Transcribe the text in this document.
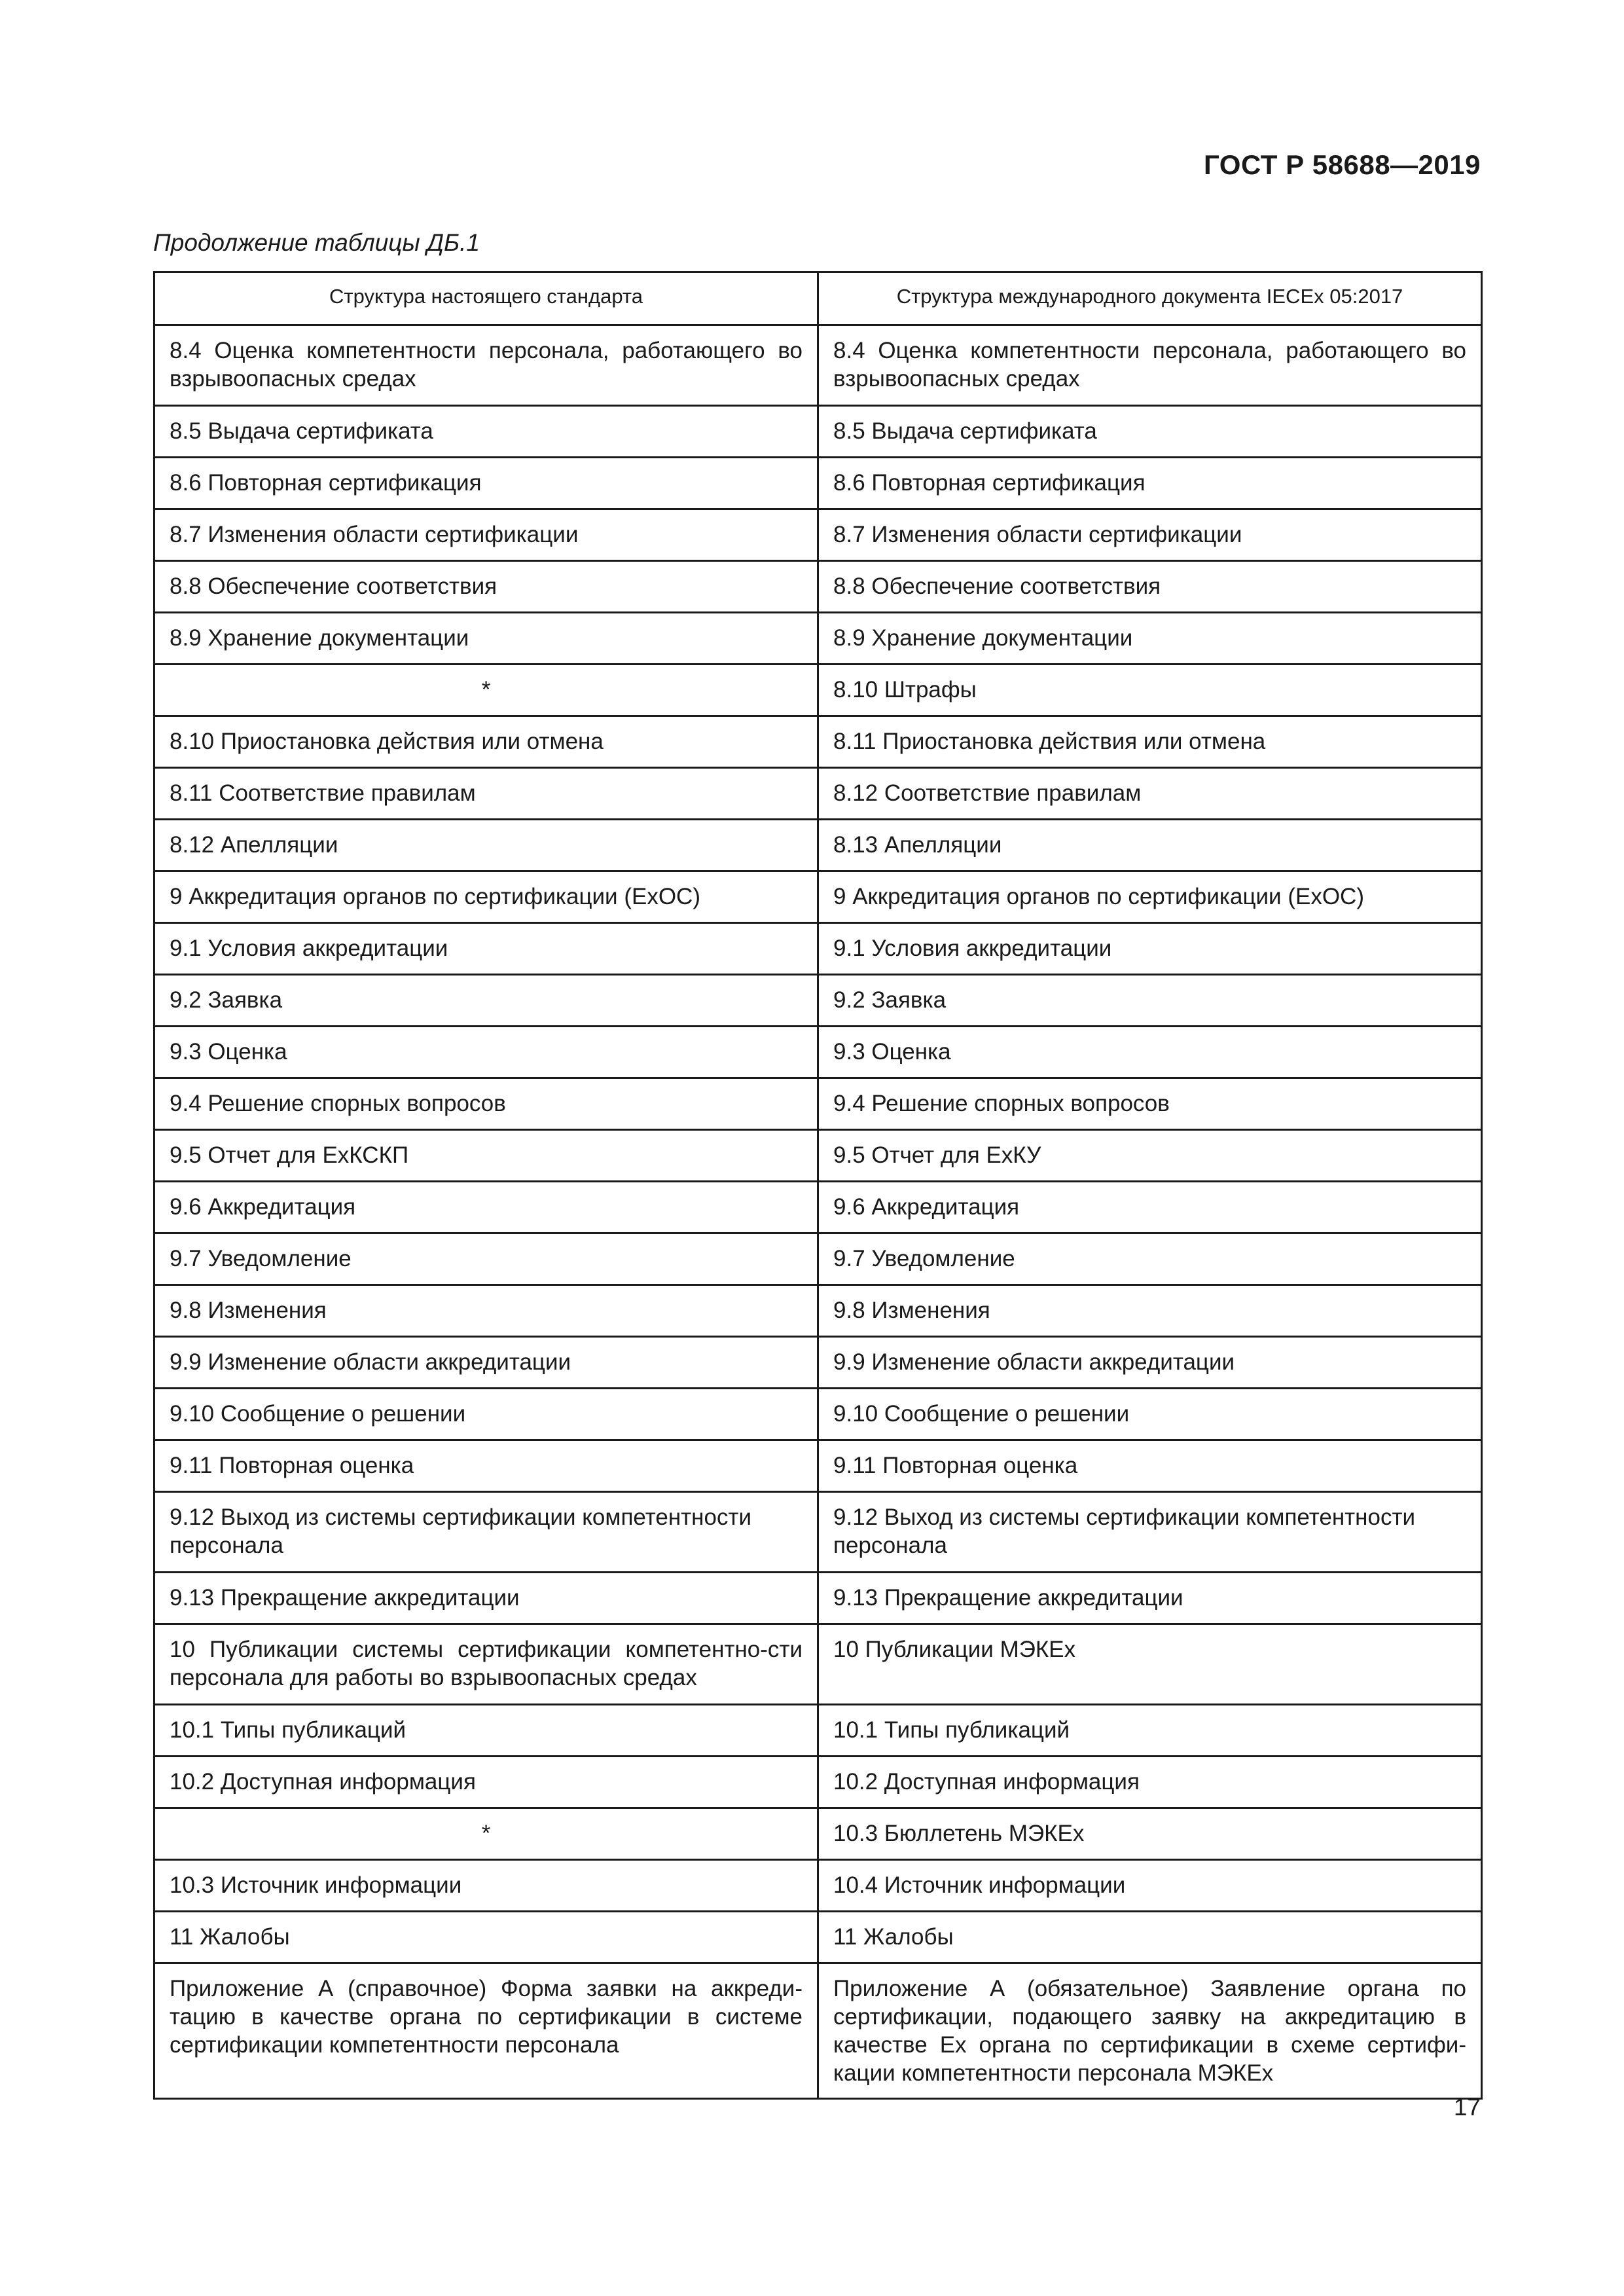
ГОСТ Р 58688—2019
Продолжение таблицы ДБ.1
Структура настоящего стандарта	Структура международного документа IECEx 05:2017
8.4 Оценка компетентности персонала, работающего во взрывоопасных средах	8.4 Оценка компетентности персонала, работающего во взрывоопасных средах
8.5 Выдача сертификата	8.5 Выдача сертификата
8.6 Повторная сертификация	8.6 Повторная сертификация
8.7 Изменения области сертификации	8.7 Изменения области сертификации
8.8 Обеспечение соответствия	8.8 Обеспечение соответствия
8.9 Хранение документации	8.9 Хранение документации
*	8.10 Штрафы
8.10 Приостановка действия или отмена	8.11 Приостановка действия или отмена
8.11 Соответствие правилам	8.12 Соответствие правилам
8.12 Апелляции	8.13 Апелляции
9 Аккредитация органов по сертификации (ExOC)	9 Аккредитация органов по сертификации (ExOC)
9.1 Условия аккредитации	9.1 Условия аккредитации
9.2 Заявка	9.2 Заявка
9.3 Оценка	9.3 Оценка
9.4 Решение спорных вопросов	9.4 Решение спорных вопросов
9.5 Отчет для ExКСКП	9.5 Отчет для ExКУ
9.6 Аккредитация	9.6 Аккредитация
9.7 Уведомление	9.7 Уведомление
9.8 Изменения	9.8 Изменения
9.9 Изменение области аккредитации	9.9 Изменение области аккредитации
9.10 Сообщение о решении	9.10 Сообщение о решении
9.11 Повторная оценка	9.11 Повторная оценка
9.12 Выход из системы сертификации компетентности персонала	9.12 Выход из системы сертификации компетентности персонала
9.13 Прекращение аккредитации	9.13 Прекращение аккредитации
10 Публикации системы сертификации компетентно-сти персонала для работы во взрывоопасных средах	10 Публикации МЭКЕx
10.1 Типы публикаций	10.1 Типы публикаций
10.2 Доступная информация	10.2 Доступная информация
*	10.3 Бюллетень МЭКЕx
10.3 Источник информации	10.4 Источник информации
11 Жалобы	11 Жалобы
Приложение А (справочное) Форма заявки на аккреди-тацию в качестве органа по сертификации в системе сертификации компетентности персонала	Приложение А (обязательное) Заявление органа по сертификации, подающего заявку на аккредитацию в качестве Ex органа по сертификации в схеме сертифи-кации компетентности персонала МЭКЕx
17
